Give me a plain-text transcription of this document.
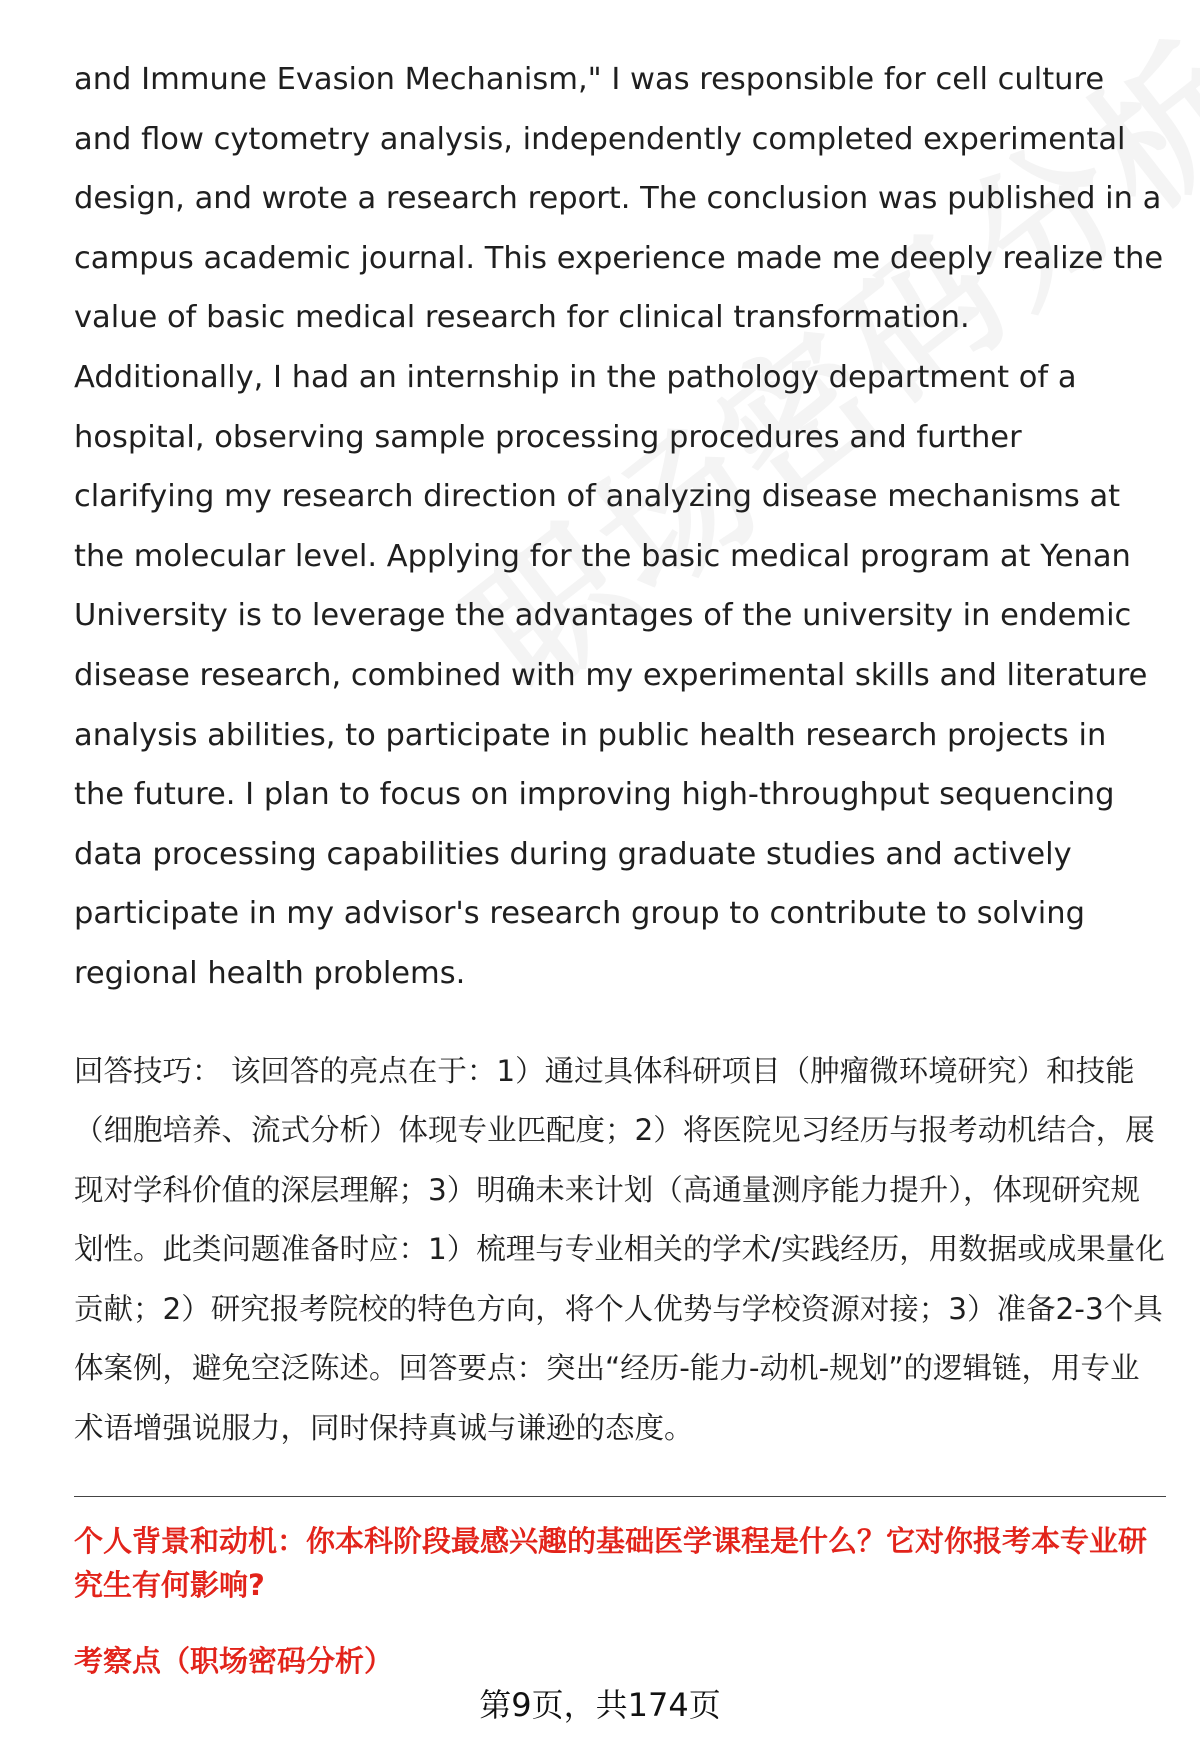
and Immune Evasion Mechanism," I was responsible for cell culture and flow cytometry analysis, independently completed experimental design, and wrote a research report. The conclusion was published in a campus academic journal. This experience made me deeply realize the value of basic medical research for clinical transformation. Additionally, I had an internship in the pathology department of a hospital, observing sample processing procedures and further clarifying my research direction of analyzing disease mechanisms at the molecular level. Applying for the basic medical program at Yenan University is to leverage the advantages of the university in endemic disease research, combined with my experimental skills and literature analysis abilities, to participate in public health research projects in the future. I plan to focus on improving high-throughput sequencing data processing capabilities during graduate studies and actively participate in my advisor's research group to contribute to solving regional health problems.

回答技巧： 该回答的亮点在于：1）通过具体科研项目（肿瘤微环境研究）和技能（细胞培养、流式分析）体现专业匹配度；2）将医院见习经历与报考动机结合，展现对学科价值的深层理解；3）明确未来计划（高通量测序能力提升），体现研究规划性。此类问题准备时应：1）梳理与专业相关的学术/实践经历，用数据或成果量化贡献；2）研究报考院校的特色方向，将个人优势与学校资源对接；3）准备2-3个具体案例，避免空泛陈述。回答要点：突出“经历-能力-动机-规划”的逻辑链，用专业术语增强说服力，同时保持真诚与谦逊的态度。

个人背景和动机：你本科阶段最感兴趣的基础医学课程是什么？它对你报考本专业研究生有何影响?

考察点（职场密码分析）

第9页，共174页
